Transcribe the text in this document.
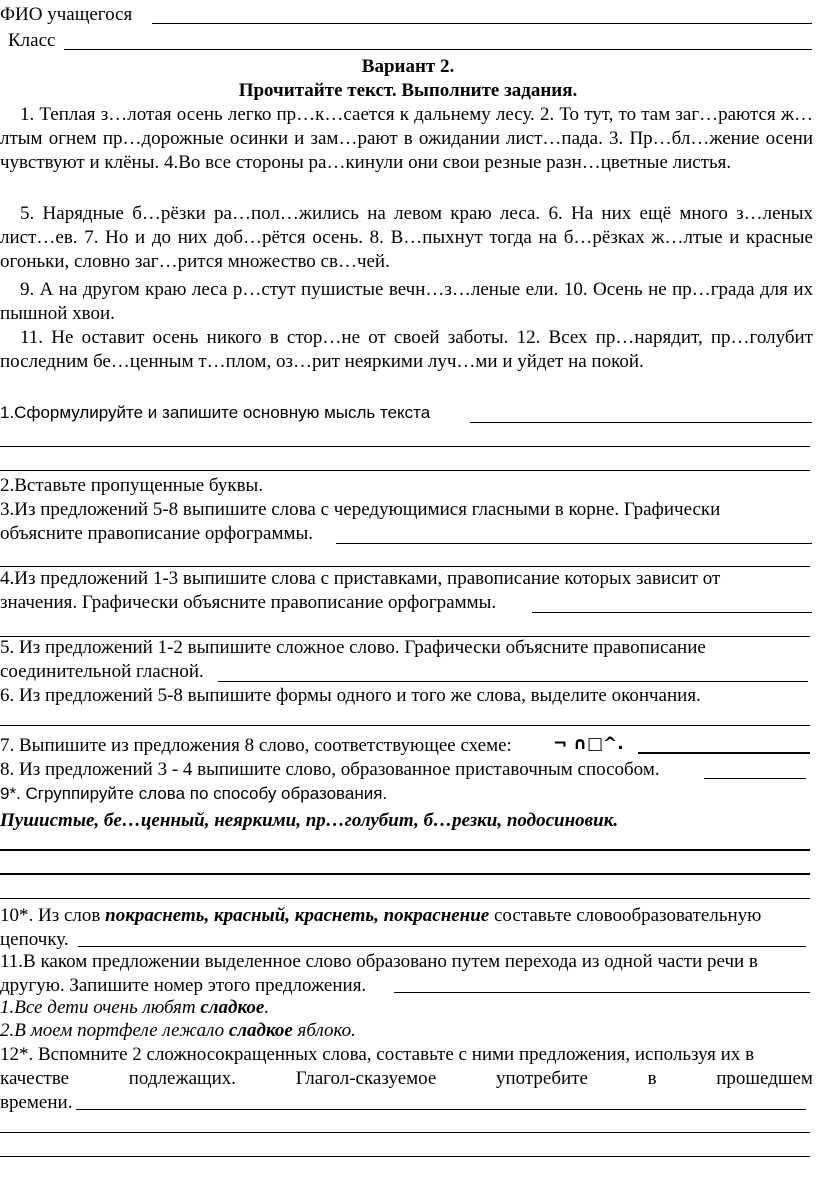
ФИО учащегося
Класс
Вариант 2.
Прочитайте текст. Выполните задания.
1. Теплая з…лотая осень легко пр…к…сается к дальнему лесу. 2. То тут, то там заг…раются ж…лтым огнем пр…дорожные осинки и зам…рают в ожидании лист…пада. 3. Пр…бл…жение осени чувствуют и клёны. 4.Во все стороны ра…кинули они свои резные разн…цветные листья.
5. Нарядные б…рёзки ра…пол…жились на левом краю леса. 6. На них ещё много з…леных лист…ев. 7. Но и до них доб…рётся осень. 8. В…пыхнут тогда на б…рёзках ж…лтые и красные огоньки, словно заг…рится множество св…чей.
9. А на другом краю леса р…стут пушистые вечн…з…леные ели. 10. Осень не пр…града для их пышной хвои.
11. Не оставит осень никого в стор…не от своей заботы. 12. Всех пр…нарядит, пр…голубит последним бе…ценным т…плом, оз…рит неяркими луч…ми и уйдет на покой.
1.Сформулируйте и запишите основную мысль текста
2.Вставьте пропущенные буквы.
3.Из предложений 5-8 выпишите слова с чередующимися гласными в корне. Графически
объясните правописание орфограммы.
4.Из предложений 1-3 выпишите слова с приставками, правописание которых зависит от
значения. Графически объясните правописание орфограммы.
5. Из предложений 1-2 выпишите сложное слово. Графически объясните правописание
соединительной гласной.
6. Из предложений 5-8 выпишите формы одного и того же слова, выделите окончания.
7. Выпишите из предложения 8 слово, соответствующее схеме: ¬ ∩□^.
8. Из предложений 3 - 4 выпишите слово, образованное приставочным способом.
9*. Сгруппируйте слова по способу образования.
Пушистые, бе…ценный, неяркими, пр…голубит, б…резки, подосиновик.
10*. Из слов покраснеть, красный, краснеть, покраснение составьте словообразовательную
цепочку.
11.В каком предложении выделенное слово образовано путем перехода из одной части речи в
другую. Запишите номер этого предложения.
1.Все дети очень любят сладкое.
2.В моем портфеле лежало сладкое яблоко.
12*. Вспомните 2 сложносокращенных слова, составьте с ними предложения, используя их в
качестве	подлежащих.	Глагол-сказуемое	употребите	в	прошедшем
времени.
